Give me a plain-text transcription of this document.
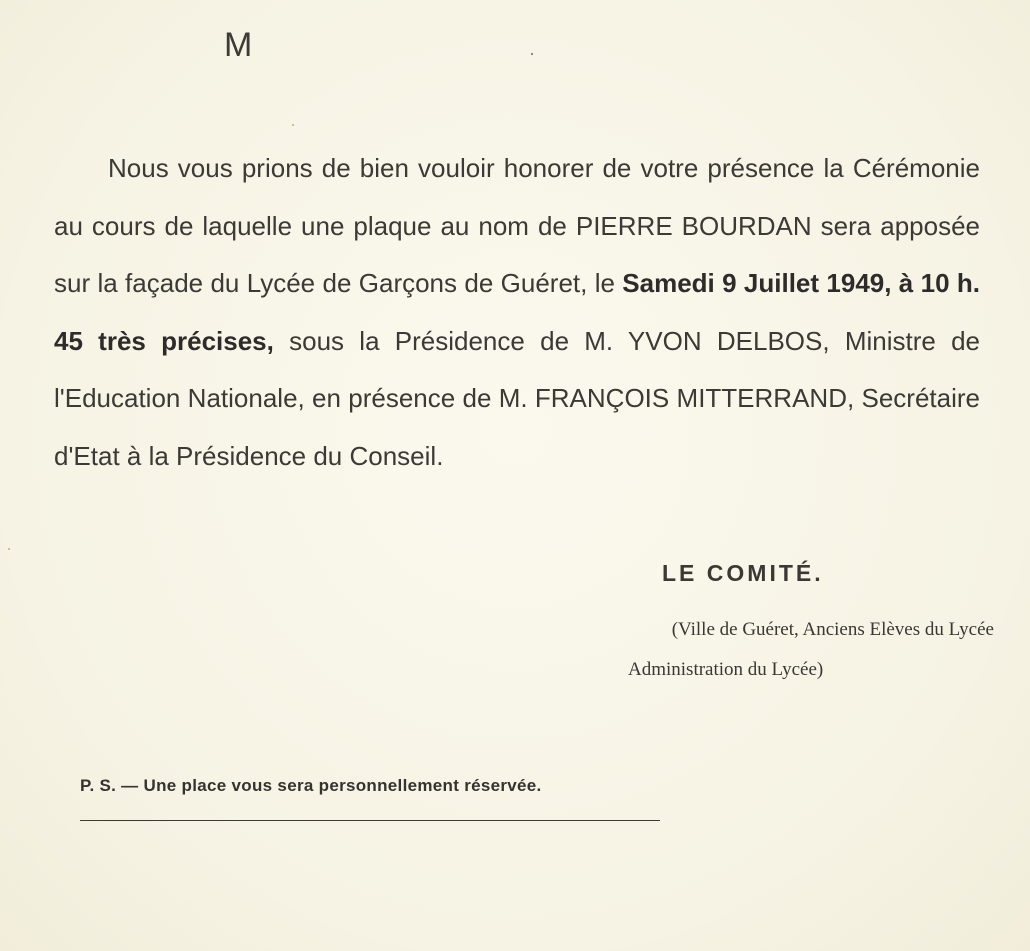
M

Nous vous prions de bien vouloir honorer de votre présence la Cérémonie au cours de laquelle une plaque au nom de PIERRE BOURDAN sera apposée sur la façade du Lycée de Garçons de Guéret, le Samedi 9 Juillet 1949, à 10 h. 45 très précises, sous la Présidence de M. YVON DELBOS, Ministre de l'Education Nationale, en présence de M. FRANÇOIS MITTERRAND, Secrétaire d'Etat à la Présidence du Conseil.

LE COMITÉ.
(Ville de Guéret, Anciens Elèves du Lycée
Administration du Lycée)
P. S. — Une place vous sera personnellement réservée.
